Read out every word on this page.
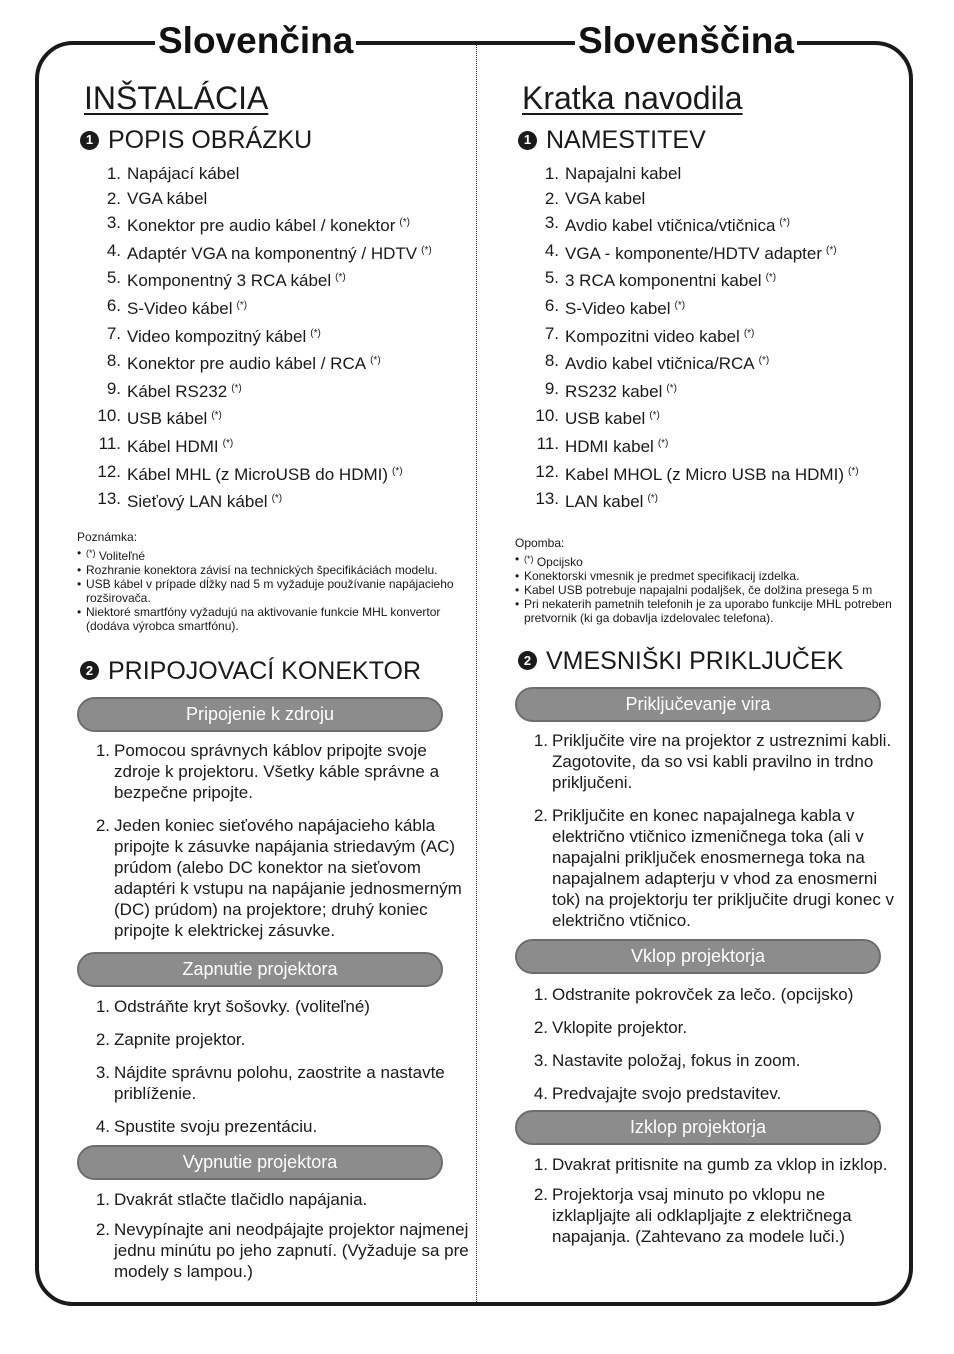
Slovenčina	Slovenščina
INŠTALÁCIA
1 POPIS OBRÁZKU
1. Napájací kábel
2. VGA kábel
3. Konektor pre audio kábel / konektor (*)
4. Adaptér VGA na komponentný / HDTV (*)
5. Komponentný 3 RCA kábel (*)
6. S-Video kábel (*)
7. Video kompozitný kábel (*)
8. Konektor pre audio kábel / RCA (*)
9. Kábel RS232 (*)
10. USB kábel (*)
11. Kábel HDMI (*)
12. Kábel MHL (z MicroUSB do HDMI) (*)
13. Sieťový LAN kábel (*)
Poznámka:
• (*) Voliteľné
• Rozhranie konektora závisí na technických špecifikáciách modelu.
• USB kábel v prípade dĺžky nad 5 m vyžaduje používanie napájacieho rozširovača.
• Niektoré smartfóny vyžadujú na aktivovanie funkcie MHL konvertor (dodáva výrobca smartfónu).
2 PRIPOJOVACÍ KONEKTOR
Pripojenie k zdroju
1. Pomocou správnych káblov pripojte svoje zdroje k projektoru. Všetky káble správne a bezpečne pripojte.
2. Jeden koniec sieťového napájacieho kábla pripojte k zásuvke napájania striedavým (AC) prúdom (alebo DC konektor na sieťovom adaptéri k vstupu na napájanie jednosmerným (DC) prúdom) na projektore; druhý koniec pripojte k elektrickej zásuvke.
Zapnutie projektora
1. Odstráňte kryt šošovky. (voliteľné)
2. Zapnite projektor.
3. Nájdite správnu polohu, zaostrite a nastavte priblíženie.
4. Spustite svoju prezentáciu.
Vypnutie projektora
1. Dvakrát stlačte tlačidlo napájania.
2. Nevypínajte ani neodpájajte projektor najmenej jednu minútu po jeho zapnutí. (Vyžaduje sa pre modely s lampou.)
Kratka navodila
1 NAMESTITEV
1. Napajalni kabel
2. VGA kabel
3. Avdio kabel vtičnica/vtičnica (*)
4. VGA - komponente/HDTV adapter (*)
5. 3 RCA komponentni kabel (*)
6. S-Video kabel (*)
7. Kompozitni video kabel (*)
8. Avdio kabel vtičnica/RCA (*)
9. RS232 kabel (*)
10. USB kabel (*)
11. HDMI kabel (*)
12. Kabel MHOL (z Micro USB na HDMI) (*)
13. LAN kabel (*)
Opomba:
• (*) Opcijsko
• Konektorski vmesnik je predmet specifikacij izdelka.
• Kabel USB potrebuje napajalni podaljšek, če dolžina presega 5 m
• Pri nekaterih pametnih telefonih je za uporabo funkcije MHL potreben pretvornik (ki ga dobavlja izdelovalec telefona).
2 VMESNIŠKI PRIKLJUČEK
Priključevanje vira
1. Priključite vire na projektor z ustreznimi kabli. Zagotovite, da so vsi kabli pravilno in trdno priključeni.
2. Priključite en konec napajalnega kabla v električno vtičnico izmeničnega toka (ali v napajalni priključek enosmernega toka na napajalnem adapterju v vhod za enosmerni tok) na projektorju ter priključite drugi konec v električno vtičnico.
Vklop projektorja
1. Odstranite pokrovček za lečo. (opcijsko)
2. Vklopite projektor.
3. Nastavite položaj, fokus in zoom.
4. Predvajajte svojo predstavitev.
Izklop projektorja
1. Dvakrat pritisnite na gumb za vklop in izklop.
2. Projektorja vsaj minuto po vklopu ne izklapljajte ali odklapljajte z električnega napajanja. (Zahtevano za modele luči.)
